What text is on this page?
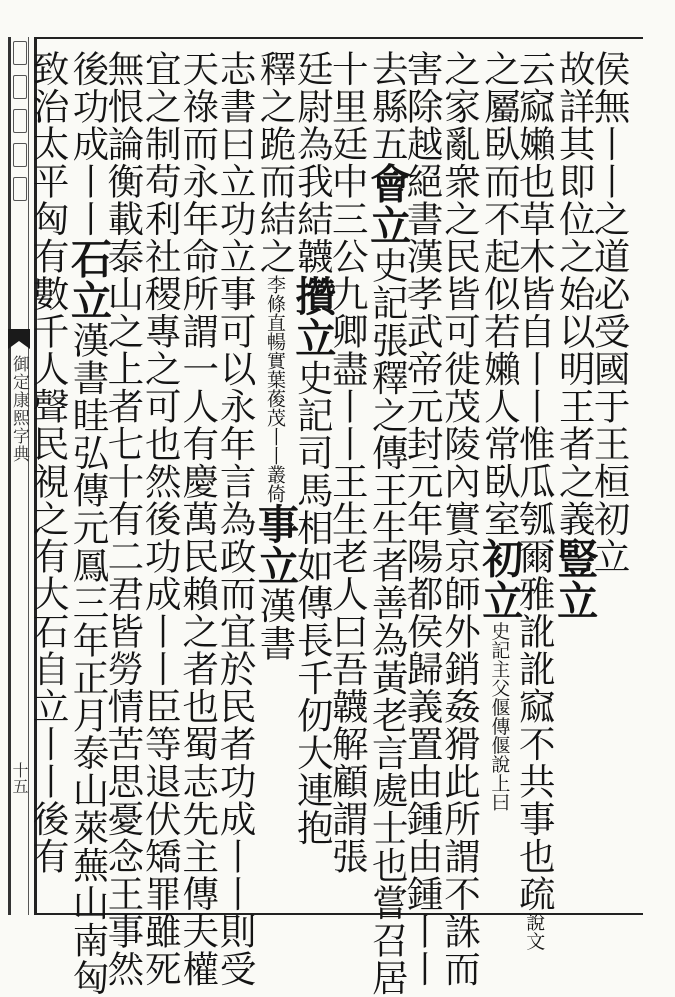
御定康熙字典
十五
侯無丨丨之道必受國于王桓初立
故詳其即位之始以明王者之義豎立
云窳嬾也草木皆自丨丨惟瓜瓠爾雅訛訛窳不共事也疏說文
之屬臥而不起似若嬾人常臥室初立史記主父偃傳偃說上曰
之家亂衆之民皆可徙茂陵內實京師外銷姦猾此所謂不誅而
害除越絕書漢孝武帝元封元年陽都侯歸義置由鍾由鍾丨丨
去縣五會立史記張釋之傳王生者善為黃老言處士也嘗召居
十里廷中三公九卿盡丨丨王生老人曰吾韤解顧謂張
廷尉為我結韤攢立史記司馬相如傳長千仞大連抱
釋之跪而結之李條直暢實葉葰茂丨丨叢倚事立漢書
志書曰立功立事可以永年言為政而宜於民者功成丨丨則受
天祿而永年命所謂一人有慶萬民賴之者也蜀志先主傳夫權
宜之制苟利社稷專之可也然後功成丨丨臣等退伏矯罪雖死
無恨論衡載泰山之上者七十有二君皆勞情苦思憂念王事然
後功成丨丨石立漢書眭弘傳元鳳三年正月泰山萊蕪山南匈
致治太平匈有數千人聲民視之有大石自立丨丨後有
